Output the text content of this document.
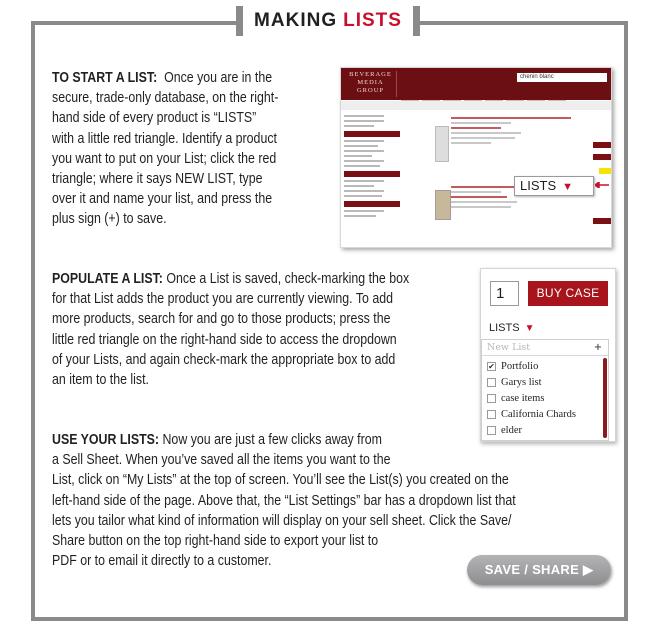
MAKING LISTS
TO START A LIST: Once you are in the
secure, trade-only database, on the right-
hand side of every product is “LISTS”
with a little red triangle. Identify a product
you want to put on your List; click the red
triangle; where it says NEW LIST, type
over it and name your list, and press the
plus sign (+) to save.
POPULATE A LIST: Once a List is saved, check-marking the box
for that List adds the product you are currently viewing. To add
more products, search for and go to those products; press the
little red triangle on the right-hand side to access the dropdown
of your Lists, and again check-mark the appropriate box to add
an item to the list.
USE YOUR LISTS: Now you are just a few clicks away from
a Sell Sheet. When you’ve saved all the items you want to the
List, click on “My Lists” at the top of screen. You’ll see the List(s) you created on the
left-hand side of the page. Above that, the “List Settings” bar has a dropdown list that
lets you tailor what kind of information will display on your sell sheet. Click the Save/
Share button on the top right-hand side to export your list to
PDF or to email it directly to a customer.
BEVERAGE
MEDIA
GROUP
chenin blanc
LISTS ▼
1	BUY CASE
LISTS ▼
New List	+
✔ Portfolio
Garys list
case items
California Chards
elder
SAVE / SHARE ▶
